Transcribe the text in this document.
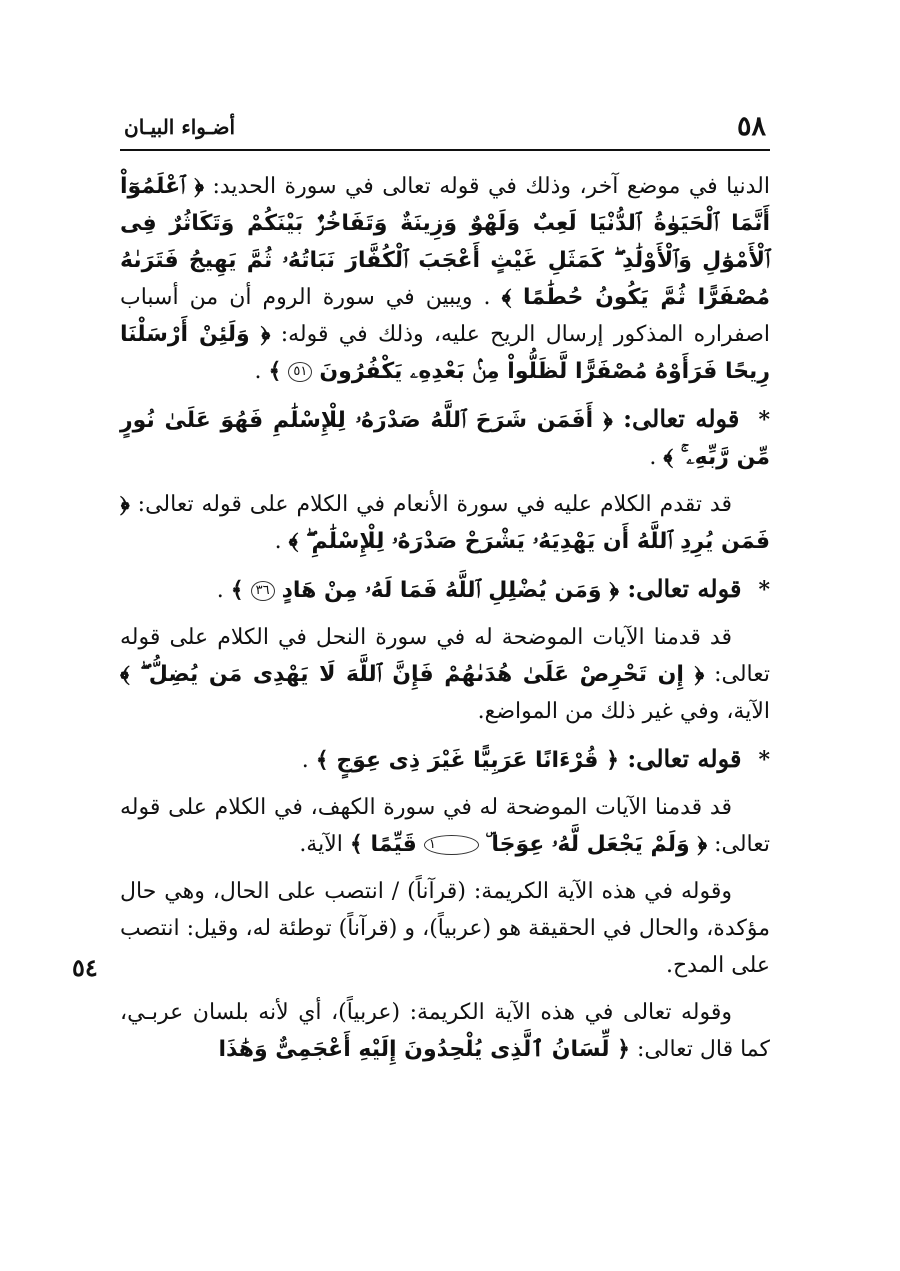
٥٨
أضـواء البيـان
٥٤

الدنيا في موضع آخر، وذلك في قوله تعالى في سورة الحديد: ﴿ ٱعْلَمُوٓاْ أَنَّمَا ٱلْحَيَوٰةُ ٱلدُّنْيَا لَعِبٌ وَلَهْوٌ وَزِينَةٌ وَتَفَاخُرٌۢ بَيْنَكُمْ وَتَكَاثُرٌ فِى ٱلْأَمْوَٰلِ وَٱلْأَوْلَٰدِ ۖ كَمَثَلِ غَيْثٍ أَعْجَبَ ٱلْكُفَّارَ نَبَاتُهُۥ ثُمَّ يَهِيجُ فَتَرَىٰهُ مُصْفَرًّا ثُمَّ يَكُونُ حُطَٰمًا ﴾ . ويبين في سورة الروم أن من أسباب اصفراره المذكور إرسال الريح عليه، وذلك في قوله: ﴿ وَلَئِنْ أَرْسَلْنَا رِيحًا فَرَأَوْهُ مُصْفَرًّا لَّظَلُّواْ مِنۢ بَعْدِهِۦ يَكْفُرُونَ ٥١ ﴾ .

* قوله تعالى: ﴿ أَفَمَن شَرَحَ ٱللَّهُ صَدْرَهُۥ لِلْإِسْلَٰمِ فَهُوَ عَلَىٰ نُورٍ مِّن رَّبِّهِۦ ۚ ﴾ .

قد تقدم الكلام عليه في سورة الأنعام في الكلام على قوله تعالى: ﴿ فَمَن يُرِدِ ٱللَّهُ أَن يَهْدِيَهُۥ يَشْرَحْ صَدْرَهُۥ لِلْإِسْلَٰمِ ۖ ﴾ .

* قوله تعالى: ﴿ وَمَن يُضْلِلِ ٱللَّهُ فَمَا لَهُۥ مِنْ هَادٍ ٣٦ ﴾ .

قد قدمنا الآيات الموضحة له في سورة النحل في الكلام على قوله تعالى: ﴿ إِن تَحْرِصْ عَلَىٰ هُدَىٰهُمْ فَإِنَّ ٱللَّهَ لَا يَهْدِى مَن يُضِلُّ ۖ ﴾ الآية، وفي غير ذلك من المواضع.

* قوله تعالى: ﴿ قُرْءَانًا عَرَبِيًّا غَيْرَ ذِى عِوَجٍ ﴾ .

قد قدمنا الآيات الموضحة له في سورة الكهف، في الكلام على قوله تعالى: ﴿ وَلَمْ يَجْعَل لَّهُۥ عِوَجَا ۜ ١ قَيِّمًا ﴾ الآية.

وقوله في هذه الآية الكريمة: (قرآناً) / انتصب على الحال، وهي حال مؤكدة، والحال في الحقيقة هو (عربياً)، و (قرآناً) توطئة له، وقيل: انتصب على المدح.

وقوله تعالى في هذه الآية الكريمة: (عربياً)، أي لأنه بلسان عربـي، كما قال تعالى: ﴿ لِّسَانُ ٱلَّذِى يُلْحِدُونَ إِلَيْهِ أَعْجَمِىٌّ وَهَٰذَا
